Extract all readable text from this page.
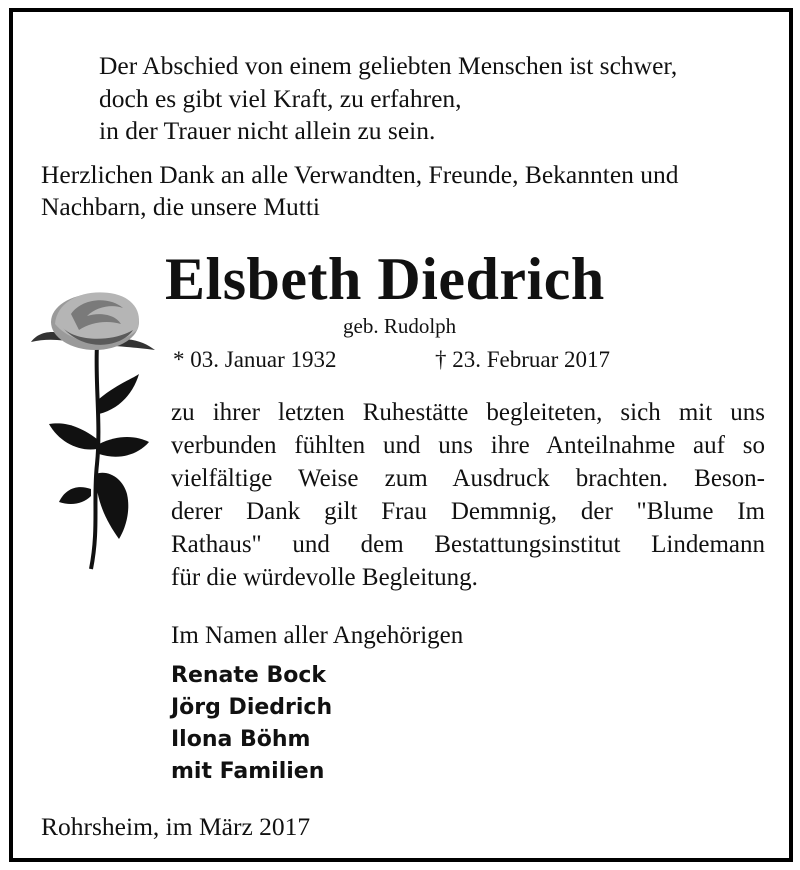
Der Abschied von einem geliebten Menschen ist schwer,
doch es gibt viel Kraft, zu erfahren,
in der Trauer nicht allein zu sein.
Herzlichen Dank an alle Verwandten, Freunde, Bekannten und
Nachbarn, die unsere Mutti
Elsbeth Diedrich
geb. Rudolph
* 03. Januar 1932	† 23. Februar 2017
zu ihrer letzten Ruhestätte begleiteten, sich mit uns
verbunden fühlten und uns ihre Anteilnahme auf so
vielfältige Weise zum Ausdruck brachten. Beson-
derer Dank gilt Frau Demmnig, der "Blume Im
Rathaus" und dem Bestattungsinstitut Lindemann
für die würdevolle Begleitung.
Im Namen aller Angehörigen
Renate Bock
Jörg Diedrich
Ilona Böhm
mit Familien
Rohrsheim, im März 2017
